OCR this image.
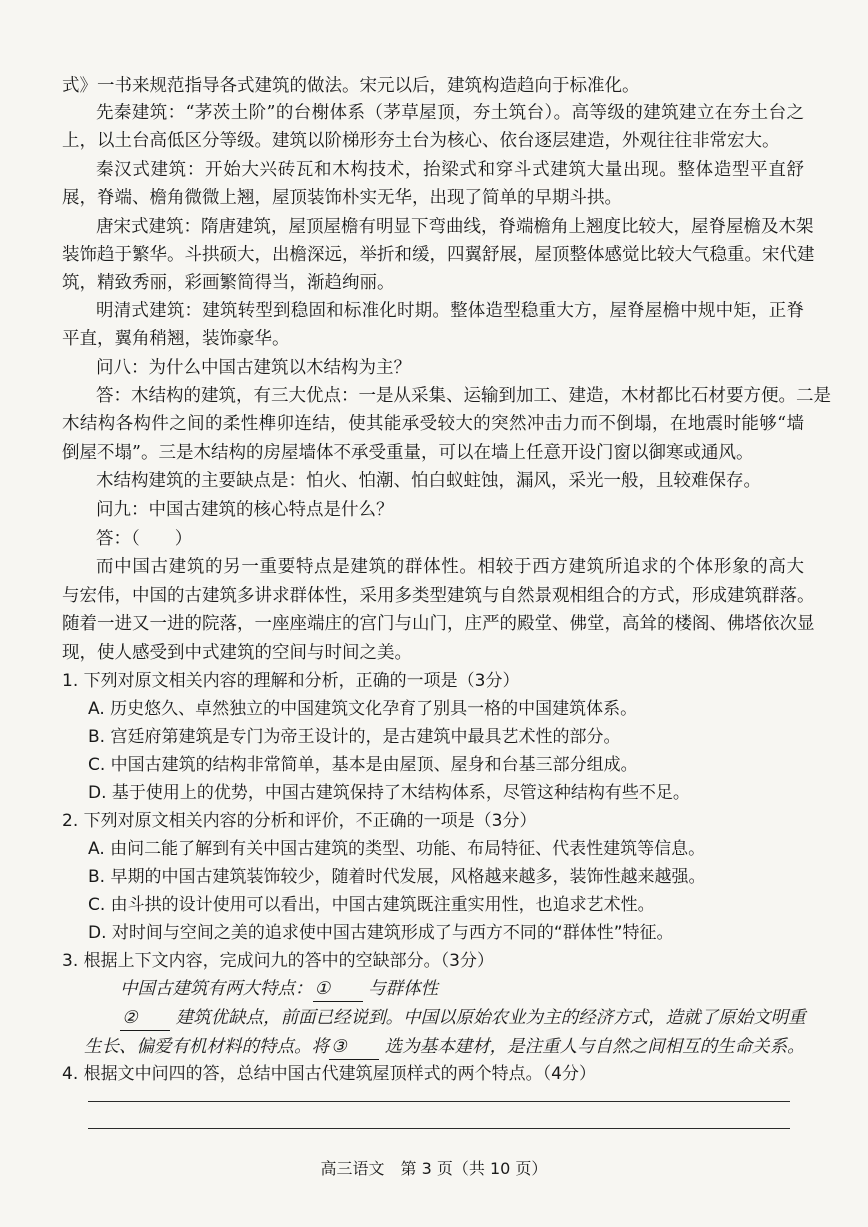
式》一书来规范指导各式建筑的做法。宋元以后，建筑构造趋向于标准化。
先秦建筑：“茅茨土阶”的台榭体系（茅草屋顶，夯土筑台）。高等级的建筑建立在夯土台之
上，以土台高低区分等级。建筑以阶梯形夯土台为核心、依台逐层建造，外观往往非常宏大。
秦汉式建筑：开始大兴砖瓦和木构技术，抬梁式和穿斗式建筑大量出现。整体造型平直舒
展，脊端、檐角微微上翘，屋顶装饰朴实无华，出现了简单的早期斗拱。
唐宋式建筑：隋唐建筑，屋顶屋檐有明显下弯曲线，脊端檐角上翘度比较大，屋脊屋檐及木架
装饰趋于繁华。斗拱硕大，出檐深远，举折和缓，四翼舒展，屋顶整体感觉比较大气稳重。宋代建
筑，精致秀丽，彩画繁简得当，渐趋绚丽。
明清式建筑：建筑转型到稳固和标准化时期。整体造型稳重大方，屋脊屋檐中规中矩，正脊
平直，翼角稍翘，装饰豪华。
问八：为什么中国古建筑以木结构为主？
答：木结构的建筑，有三大优点：一是从采集、运输到加工、建造，木材都比石材要方便。二是
木结构各构件之间的柔性榫卯连结，使其能承受较大的突然冲击力而不倒塌，在地震时能够“墙
倒屋不塌”。三是木结构的房屋墙体不承受重量，可以在墙上任意开设门窗以御寒或通风。
木结构建筑的主要缺点是：怕火、怕潮、怕白蚁蛀蚀，漏风，采光一般，且较难保存。
问九：中国古建筑的核心特点是什么？
答：（　　）
而中国古建筑的另一重要特点是建筑的群体性。相较于西方建筑所追求的个体形象的高大
与宏伟，中国的古建筑多讲求群体性，采用多类型建筑与自然景观相组合的方式，形成建筑群落。
随着一进又一进的院落，一座座端庄的宫门与山门，庄严的殿堂、佛堂，高耸的楼阁、佛塔依次显
现，使人感受到中式建筑的空间与时间之美。
1. 下列对原文相关内容的理解和分析，正确的一项是（3分）
A. 历史悠久、卓然独立的中国建筑文化孕育了别具一格的中国建筑体系。
B. 宫廷府第建筑是专门为帝王设计的，是古建筑中最具艺术性的部分。
C. 中国古建筑的结构非常简单，基本是由屋顶、屋身和台基三部分组成。
D. 基于使用上的优势，中国古建筑保持了木结构体系，尽管这种结构有些不足。
2. 下列对原文相关内容的分析和评价，不正确的一项是（3分）
A. 由问二能了解到有关中国古建筑的类型、功能、布局特征、代表性建筑等信息。
B. 早期的中国古建筑装饰较少，随着时代发展，风格越来越多，装饰性越来越强。
C. 由斗拱的设计使用可以看出，中国古建筑既注重实用性，也追求艺术性。
D. 对时间与空间之美的追求使中国古建筑形成了与西方不同的“群体性”特征。
3. 根据上下文内容，完成问九的答中的空缺部分。（3分）
中国古建筑有两大特点： ① 与群体性
② 建筑优缺点，前面已经说到。中国以原始农业为主的经济方式，造就了原始文明重
生长、偏爱有机材料的特点。将 ③ 选为基本建材，是注重人与自然之间相互的生命关系。
4. 根据文中问四的答，总结中国古代建筑屋顶样式的两个特点。（4分）
高三语文　第 3 页（共 10 页）
